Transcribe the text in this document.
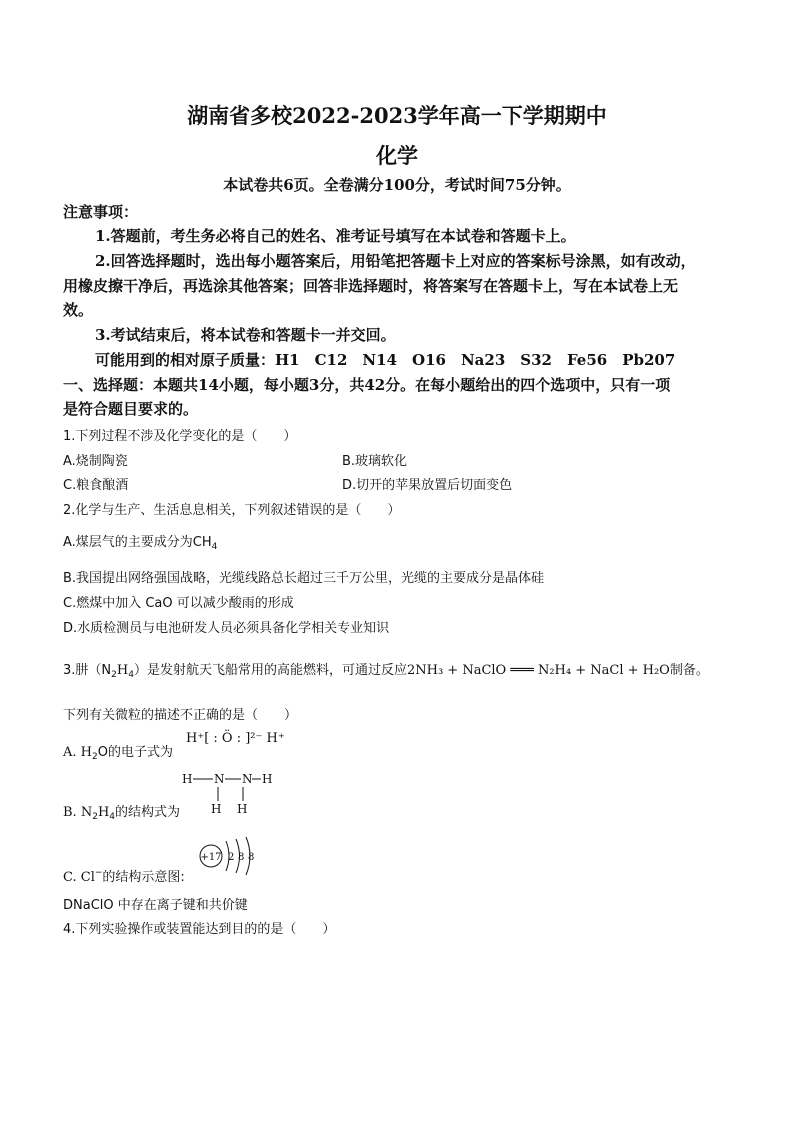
湖南省多校2022-2023学年高一下学期期中
化学
本试卷共6页。全卷满分100分，考试时间75分钟。
注意事项：
1.答题前，考生务必将自己的姓名、准考证号填写在本试卷和答题卡上。
2.回答选择题时，选出每小题答案后，用铅笔把答题卡上对应的答案标号涂黑，如有改动，
用橡皮擦干净后，再选涂其他答案；回答非选择题时，将答案写在答题卡上，写在本试卷上无
效。
3.考试结束后，将本试卷和答题卡一并交回。
可能用到的相对原子质量：H1　C12　N14　O16　Na23　S32　Fe56　Pb207
一、选择题：本题共14小题，每小题3分，共42分。在每小题给出的四个选项中，只有一项
是符合题目要求的。
1.下列过程不涉及化学变化的是（　　）
A.烧制陶瓷	B.玻璃软化
C.粮食酿酒	D.切开的苹果放置后切面变色
2.化学与生产、生活息息相关，下列叙述错误的是（　　）
A.煤层气的主要成分为$CH_4$
B.我国提出网络强国战略，光缆线路总长超过三千万公里，光缆的主要成分是晶体硅
C.燃煤中加入 CaO 可以减少酸雨的形成
D.水质检测员与电池研发人员必须具备化学相关专业知识
3.肼$(N_2H_4)$是发射航天飞船常用的高能燃料，可通过反应2NH₃ + NaClO ═══ N₂H₄ + NaCl + H₂O制备。
下列有关微粒的描述不正确的是（　　）
A. $H_2O$的电子式为
H⁺[ : Ö : ]²⁻ H⁺
B. $N_2H_4$的结构式为
H N N H
H H
C. Cl−的结构示意图:
+17 2 8 8
DNaClO 中存在离子键和共价键
4.下列实验操作或装置能达到目的的是（　　）
